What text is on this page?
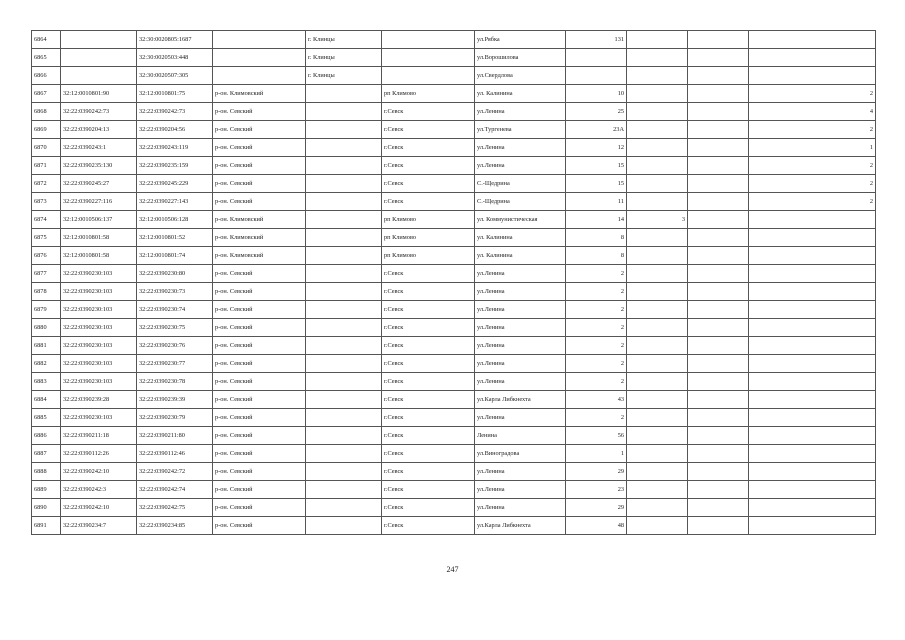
6864		32:30:0020805:1687		г. Клинцы		ул.Рябка	131			
6865		32:30:0020503:448		г. Клинцы		ул.Ворошилова				
6866		32:30:0020507:305		г. Клинцы		ул.Свердлова				
6867	32:12:0010801:90	32:12:0010801:75	р-он. Климовский		рп Климово	ул. Калинина	10			2
6868	32:22:0390242:73	32:22:0390242:73	р-он. Севский		г.Севск	ул.Ленина	25			4
6869	32:22:0390204:13	32:22:0390204:56	р-он. Севский		г.Севск	ул.Тургенева	23А			2
6870	32:22:0390243:1	32:22:0390243:119	р-он. Севский		г.Севск	ул.Ленина	12			1
6871	32:22:0390235:130	32:22:0390235:159	р-он. Севский		г.Севск	ул.Ленина	15			2
6872	32:22:0390245:27	32:22:0390245:229	р-он. Севский		г.Севск	С.-Щедрина	15			2
6873	32:22:0390227:116	32:22:0390227:143	р-он. Севский		г.Севск	С.-Щедрина	11			2
6874	32:12:0010506:137	32:12:0010506:128	р-он. Климовский		рп Климово	ул. Коммунистическая	14	3		
6875	32:12:0010801:58	32:12:0010801:52	р-он. Климовский		рп Климово	ул. Калинина	8			
6876	32:12:0010801:58	32:12:0010801:74	р-он. Климовский		рп Климово	ул. Калинина	8			
6877	32:22:0390230:103	32:22:0390230:80	р-он. Севский		г.Севск	ул.Ленина	2			
6878	32:22:0390230:103	32:22:0390230:73	р-он. Севский		г.Севск	ул.Ленина	2			
6879	32:22:0390230:103	32:22:0390230:74	р-он. Севский		г.Севск	ул.Ленина	2			
6880	32:22:0390230:103	32:22:0390230:75	р-он. Севский		г.Севск	ул.Ленина	2			
6881	32:22:0390230:103	32:22:0390230:76	р-он. Севский		г.Севск	ул.Ленина	2			
6882	32:22:0390230:103	32:22:0390230:77	р-он. Севский		г.Севск	ул.Ленина	2			
6883	32:22:0390230:103	32:22:0390230:78	р-он. Севский		г.Севск	ул.Ленина	2			
6884	32:22:0390239:28	32:22:0390239:39	р-он. Севский		г.Севск	ул.Карла Либкнехта	43			
6885	32:22:0390230:103	32:22:0390230:79	р-он. Севский		г.Севск	ул.Ленина	2			
6886	32:22:0390211:18	32:22:0390211:80	р-он. Севский		г.Севск	Ленина	56			
6887	32:22:0390112:26	32:22:0390112:46	р-он. Севский		г.Севск	ул.Виноградова	1			
6888	32:22:0390242:10	32:22:0390242:72	р-он. Севский		г.Севск	ул.Ленина	29			
6889	32:22:0390242:3	32:22:0390242:74	р-он. Севский		г.Севск	ул.Ленина	23			
6890	32:22:0390242:10	32:22:0390242:75	р-он. Севский		г.Севск	ул.Ленина	29			
6891	32:22:0390234:7	32:22:0390234:85	р-он. Севский		г.Севск	ул.Карла Либкнехта	48			
247
